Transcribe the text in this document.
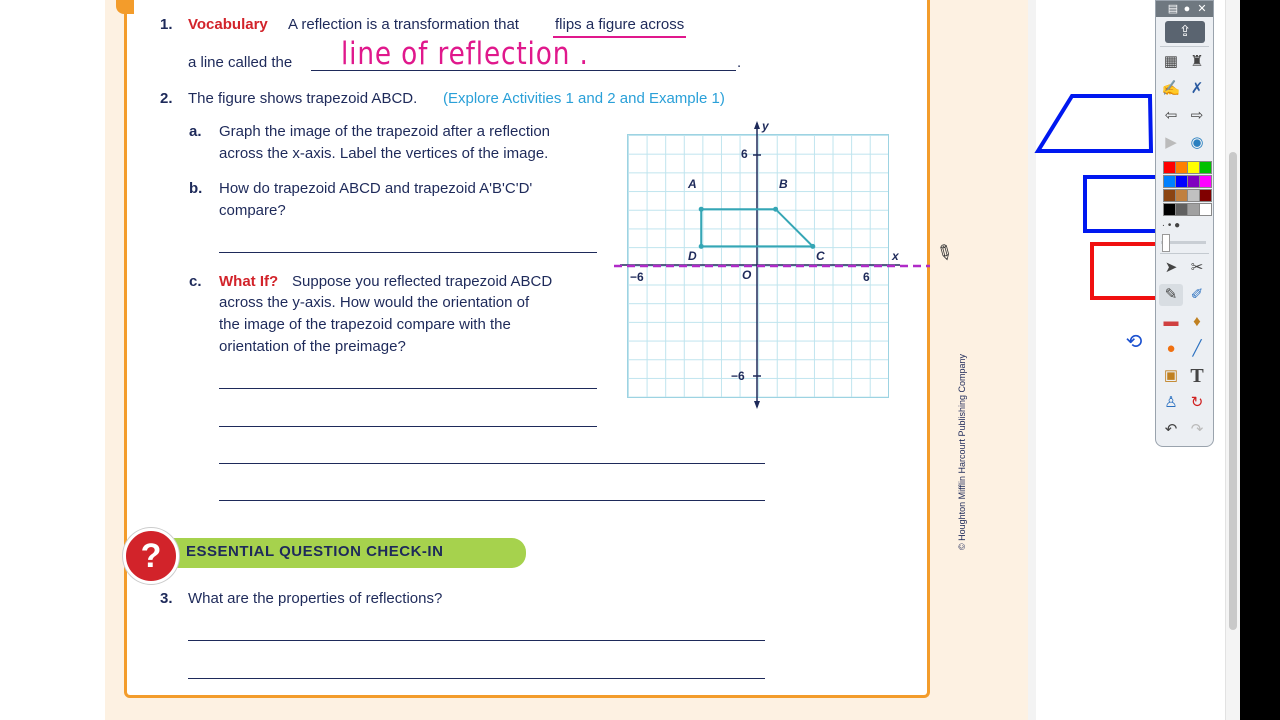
1. Vocabulary A reflection is a transformation that flips a figure across
a line called the	.
line of reflection .
2. The figure shows trapezoid ABCD. (Explore Activities 1 and 2 and Example 1)
a. Graph the image of the trapezoid after a reflection
across the x-axis. Label the vertices of the image.
b. How do trapezoid ABCD and trapezoid A'B'C'D'
compare?
c. What If? Suppose you reflected trapezoid ABCD
across the y-axis. How would the orientation of
the image of the trapezoid compare with the
orientation of the preimage?
y
x
6
−6
−6	6
O
A	B
C
D	✎
ESSENTIAL QUESTION CHECK-IN
?
3. What are the properties of reflections?
© Houghton Mifflin Harcourt Publishing Company
⟲
▤ ● ✕
⇪
▦ ♜
✍ ✗
⇦ ⇨
▶ ◉
· • ●
➤ ✂
✎ ✐
▬ ♦
●	╱
▣ T
♙ ↻
↶ ↷
